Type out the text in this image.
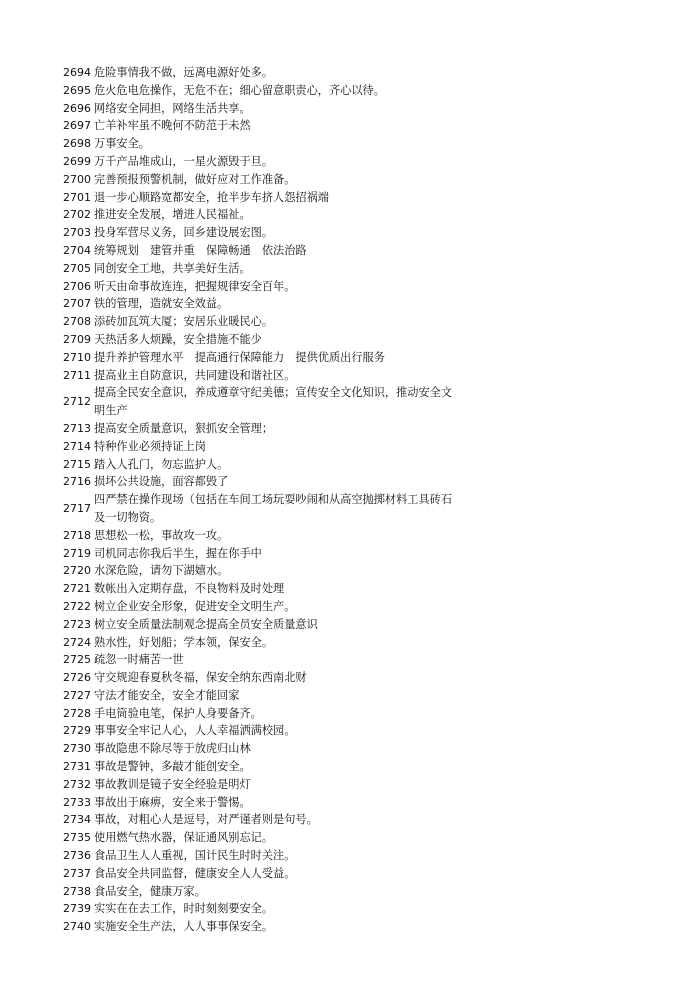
2694 危险事情我不做，远离电源好处多。
2695 危火危电危操作，无危不在；细心留意职责心，齐心以待。
2696 网络安全同担，网络生活共享。
2697 亡羊补牢虽不晚何不防范于未然
2698 万事安全。
2699 万千产品堆成山，一星火源毁于旦。
2700 完善预报预警机制，做好应对工作准备。
2701 退一步心顺路宽都安全，抢半步车挤人怨招祸端
2702 推进安全发展，增进人民福祉。
2703 投身军营尽义务，回乡建设展宏图。
2704 统筹规划　建管并重　保障畅通　依法治路
2705 同创安全工地，共享美好生活。
2706 听天由命事故连连，把握规律安全百年。
2707 铁的管理，造就安全效益。
2708 添砖加瓦筑大厦；安居乐业暖民心。
2709 天热活多人烦躁，安全措施不能少
2710 提升养护管理水平　提高通行保障能力　提供优质出行服务
2711 提高业主自防意识，共同建设和谐社区。
2712
提高全民安全意识，养成遵章守纪美德；宣传安全文化知识，推动安全文明生产
2713 提高安全质量意识，狠抓安全管理；
2714 特种作业必须持证上岗
2715 踏入人孔门，勿忘监护人。
2716 损坏公共设施，面容都毁了
2717
四严禁在操作现场（包括在车间工场玩耍吵闹和从高空抛掷材料工具砖石及一切物资。
2718 思想松一松，事故攻一攻。
2719 司机同志你我后半生，握在你手中
2720 水深危险，请勿下湖嬉水。
2721 数帐出入定期存盘，不良物料及时处理
2722 树立企业安全形象，促进安全文明生产。
2723 树立安全质量法制观念提高全员安全质量意识
2724 熟水性，好划船；学本领，保安全。
2725 疏忽一时痛苦一世
2726 守交规迎春夏秋冬福，保安全纳东西南北财
2727 守法才能安全，安全才能回家
2728 手电筒验电笔，保护人身要备齐。
2729 事事安全牢记人心，人人幸福洒满校园。
2730 事故隐患不除尽等于放虎归山林
2731 事故是警钟，多敲才能创安全。
2732 事故教训是镜子安全经验是明灯
2733 事故出于麻痹，安全来于警惕。
2734 事故，对粗心人是逗号，对严谨者则是句号。
2735 使用燃气热水器，保证通风别忘记。
2736 食品卫生人人重视，国计民生时时关注。
2737 食品安全共同监督，健康安全人人受益。
2738 食品安全，健康万家。
2739 实实在在去工作，时时刻刻要安全。
2740 实施安全生产法，人人事事保安全。
